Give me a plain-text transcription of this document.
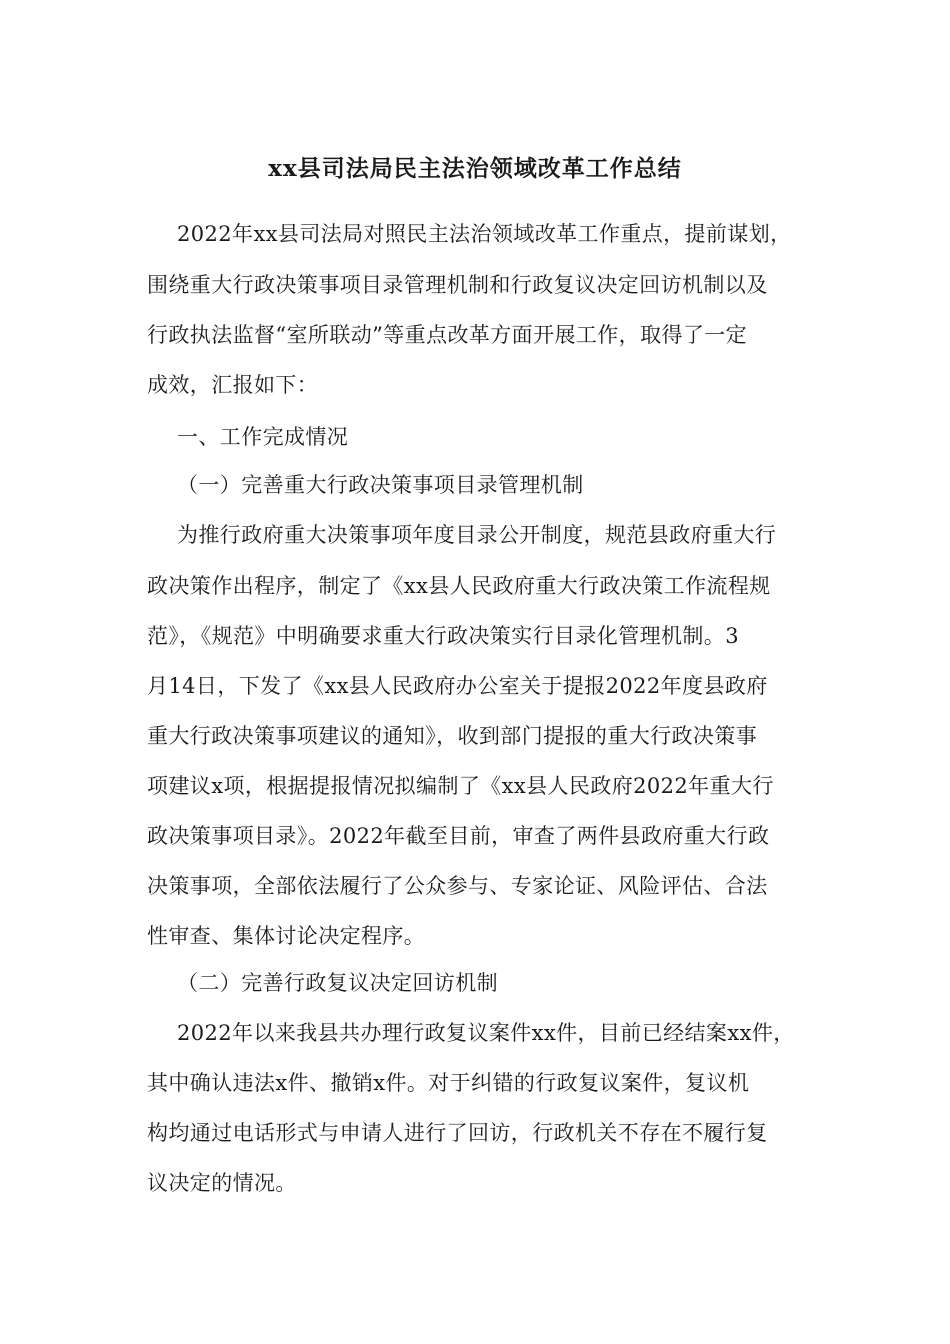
xx县司法局民主法治领域改革工作总结
2022年xx县司法局对照民主法治领域改革工作重点，提前谋划，
围绕重大行政决策事项目录管理机制和行政复议决定回访机制以及
行政执法监督“室所联动”等重点改革方面开展工作，取得了一定
成效，汇报如下：
一、工作完成情况
（一）完善重大行政决策事项目录管理机制
为推行政府重大决策事项年度目录公开制度，规范县政府重大行
政决策作出程序，制定了《xx县人民政府重大行政决策工作流程规
范》，《规范》中明确要求重大行政决策实行目录化管理机制。3
月14日，下发了《xx县人民政府办公室关于提报2022年度县政府
重大行政决策事项建议的通知》，收到部门提报的重大行政决策事
项建议x项，根据提报情况拟编制了《xx县人民政府2022年重大行
政决策事项目录》。2022年截至目前，审查了两件县政府重大行政
决策事项，全部依法履行了公众参与、专家论证、风险评估、合法
性审查、集体讨论决定程序。
（二）完善行政复议决定回访机制
2022年以来我县共办理行政复议案件xx件，目前已经结案xx件，
其中确认违法x件、撤销x件。对于纠错的行政复议案件，复议机
构均通过电话形式与申请人进行了回访，行政机关不存在不履行复
议决定的情况。
